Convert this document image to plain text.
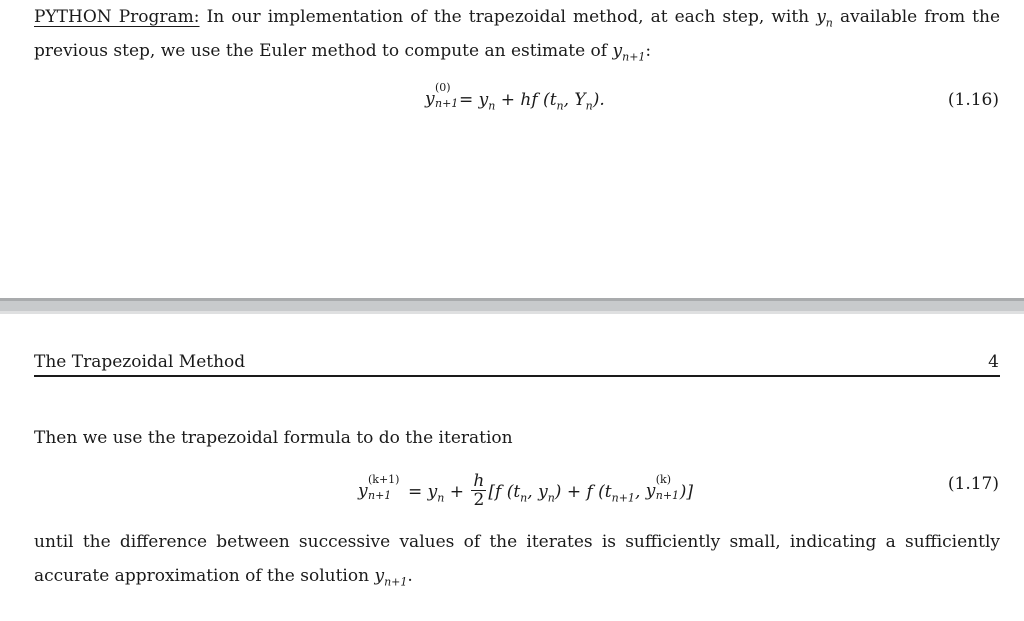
PYTHON Program: In our implementation of the trapezoidal method, at each step, with $y_n$ available from the previous step, we use the Euler method to compute an estimate of $y_{n+1}$:
y
(0)
$n+1 = y_n$ + hf ($t_n$, $Y_n$).	(1.16)
The Trapezoidal Method	4
Then we use the trapezoidal formula to do the iteration
y
(k+1)
$n+1 = y_n + \frac{h}{2} [f$ ($t_n$, $y_n) + f$ ($t_{n+1}$, y
(k)
n+1 )]	(1.17)
until the difference between successive values of the iterates is sufficiently small, indicating a sufficiently accurate approximation of the solution $y_{n+1}$.
